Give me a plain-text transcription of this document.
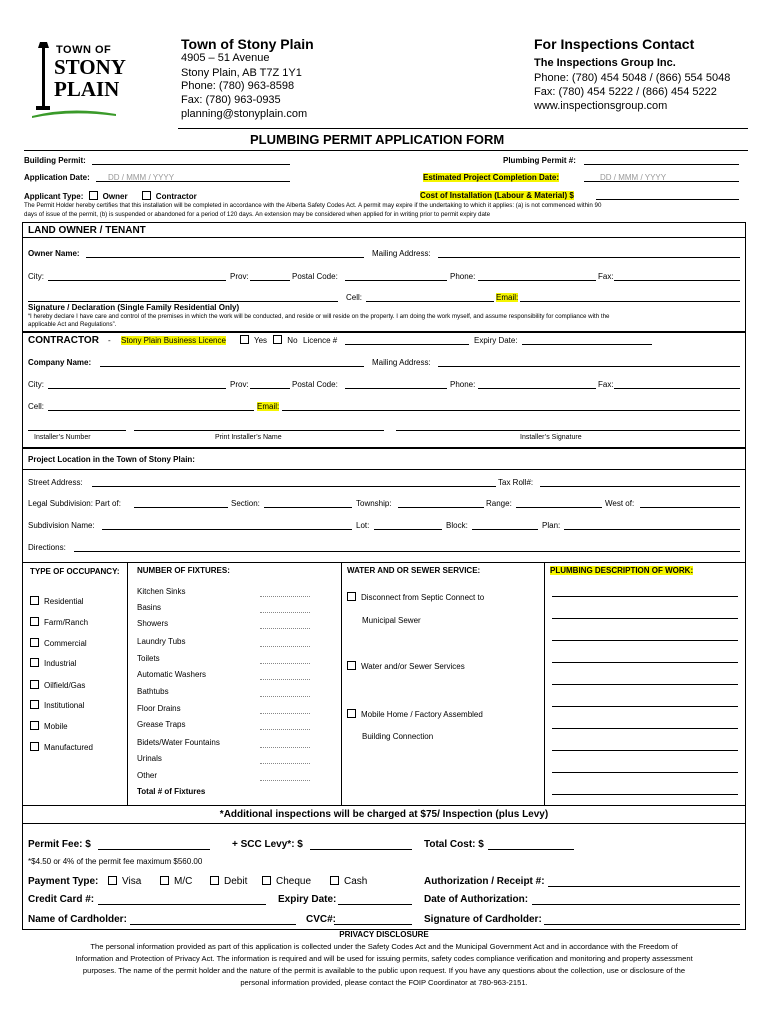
TOWN OF
STONY
PLAIN
Town of Stony Plain
4905 – 51 Avenue
Stony Plain, AB T7Z 1Y1
Phone: (780) 963-8598
Fax: (780) 963-0935
planning@stonyplain.com
For Inspections Contact
The Inspections Group Inc.
Phone: (780) 454 5048 / (866) 554 5048
Fax: (780) 454 5222 / (866) 454 5222
www.inspectionsgroup.com
PLUMBING PERMIT APPLICATION FORM
Building Permit:	Plumbing Permit #:
Application Date: DD / MMM / YYYY	Estimated Project Completion Date:	DD / MMM / YYYY
Applicant Type: Owner	Contractor	Cost of Installation (Labour & Material) $
The Permit Holder hereby certifies that this installation will be completed in accordance with the Alberta Safety Codes Act. A permit may expire if the undertaking to which it applies: (a) is not commenced within 90
days of issue of the permit, (b) is suspended or abandoned for a period of 120 days. An extension may be considered when applied for in writing prior to permit expiry date
LAND OWNER / TENANT
Owner Name:	Mailing Address:
City:	Prov:	Postal Code:	Phone:	Fax:
Cell:	Email:
Signature / Declaration (Single Family Residential Only)
“I hereby declare I have care and control of the premises in which the work will be conducted, and reside or will reside on the property. I am doing the work myself, and assume responsibility for compliance with the
applicable Act and Regulations”.
CONTRACTOR - Stony Plain Business Licence	Yes	No Licence #	Expiry Date:
Company Name:	Mailing Address:
City:	Prov:	Postal Code:	Phone:	Fax:
Cell:	Email:
Installer’s Number	Print Installer’s Name	Installer’s Signature
Project Location in the Town of Stony Plain:
Street Address:	Tax Roll#:
Legal Subdivision: Part of:	Section:	Township:	Range:	West of:
Subdivision Name:	Lot:	Block:	Plan:
Directions:
TYPE OF OCCUPANCY:
Residential
Farm/Ranch
Commercial
Industrial
Oilfield/Gas
Institutional
Mobile
Manufactured
NUMBER OF FIXTURES:
Kitchen Sinks
Basins
Showers
Laundry Tubs
Toilets
Automatic Washers
Bathtubs
Floor Drains
Grease Traps
Bidets/Water Fountains
Urinals
Other
Total # of Fixtures
WATER AND OR SEWER SERVICE:
Disconnect from Septic Connect to
Municipal Sewer
Water and/or Sewer Services
Mobile Home / Factory Assembled
Building Connection
PLUMBING DESCRIPTION OF WORK:
*Additional inspections will be charged at $75/ Inspection (plus Levy)
Permit Fee: $	+ SCC Levy*: $	Total Cost: $
*$4.50 or 4% of the permit fee maximum $560.00
Payment Type:	Visa	M/C	Debit	Cheque	Cash	Authorization / Receipt #:
Credit Card #:	Expiry Date:	Date of Authorization:
Name of Cardholder:	CVC#:	Signature of Cardholder:
PRIVACY DISCLOSURE
The personal information provided as part of this application is collected under the Safety Codes Act and the Municipal Government Act and in accordance with the Freedom of
Information and Protection of Privacy Act. The information is required and will be used for issuing permits, safety codes compliance verification and monitoring and property assessment
purposes. The name of the permit holder and the nature of the permit is available to the public upon request. If you have any questions about the collection, use or disclosure of the
personal information provided, please contact the FOIP Coordinator at 780-963-2151.
